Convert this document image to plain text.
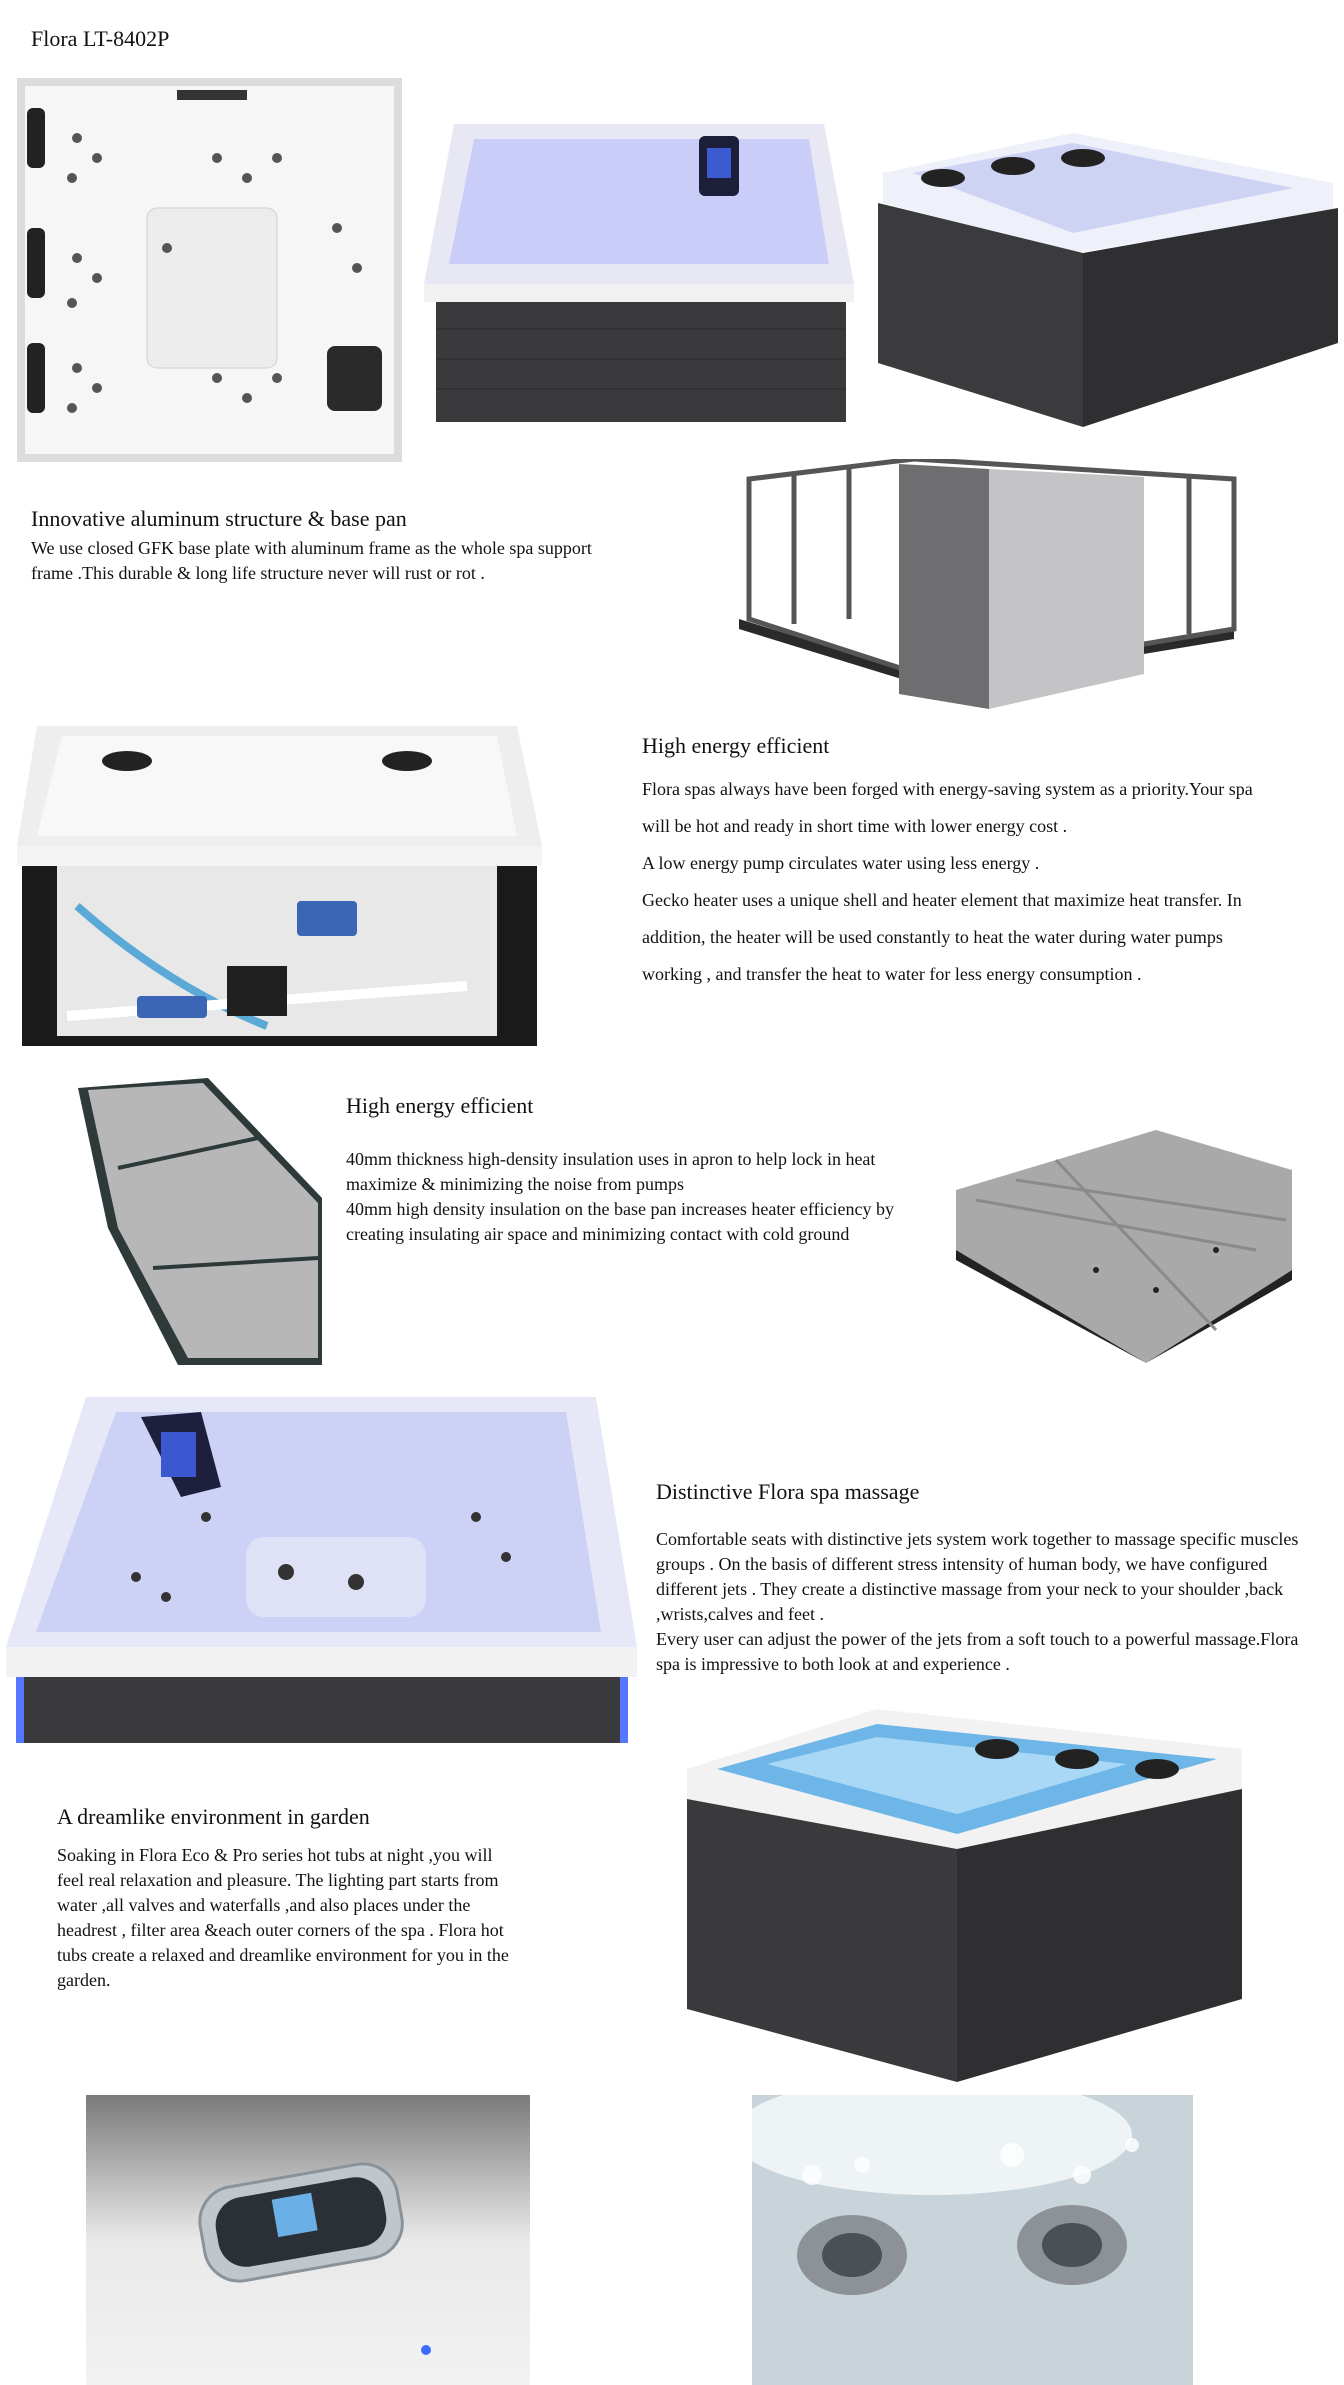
Flora LT-8402P
Innovative aluminum structure & base pan
We use closed GFK base plate with aluminum frame as the whole spa support frame .This durable & long life structure never will rust or rot .
High energy efficient

Flora spas always have been forged with energy-saving system as a priority.Your spa will be hot and ready in short time with lower energy cost .

A low energy pump circulates water using less energy .

Gecko heater uses a unique shell and heater element that maximize heat transfer. In addition, the heater will be used constantly to heat the water during water pumps working , and transfer the heat to water for less energy consumption .

High energy efficient

40mm thickness high-density insulation uses in apron to help lock in heat maximize & minimizing the noise from pumps

40mm high density insulation on the base pan increases heater efficiency by creating insulating air space and minimizing contact with cold ground

Distinctive Flora spa massage

Comfortable seats with distinctive jets system work together to massage specific muscles groups . On the basis of different stress intensity of human body, we have configured different jets . They create a distinctive massage from your neck to your shoulder ,back ,wrists,calves and feet .

Every user can adjust the power of the jets from a soft touch to a powerful massage.Flora spa is impressive to both look at and experience .

A dreamlike environment in garden
Soaking in Flora Eco & Pro series hot tubs at night ,you will feel real relaxation and pleasure. The lighting part starts from water ,all valves and waterfalls ,and also places under the headrest , filter area &each outer corners of the spa . Flora hot tubs create a relaxed and dreamlike environment for you in the garden.
